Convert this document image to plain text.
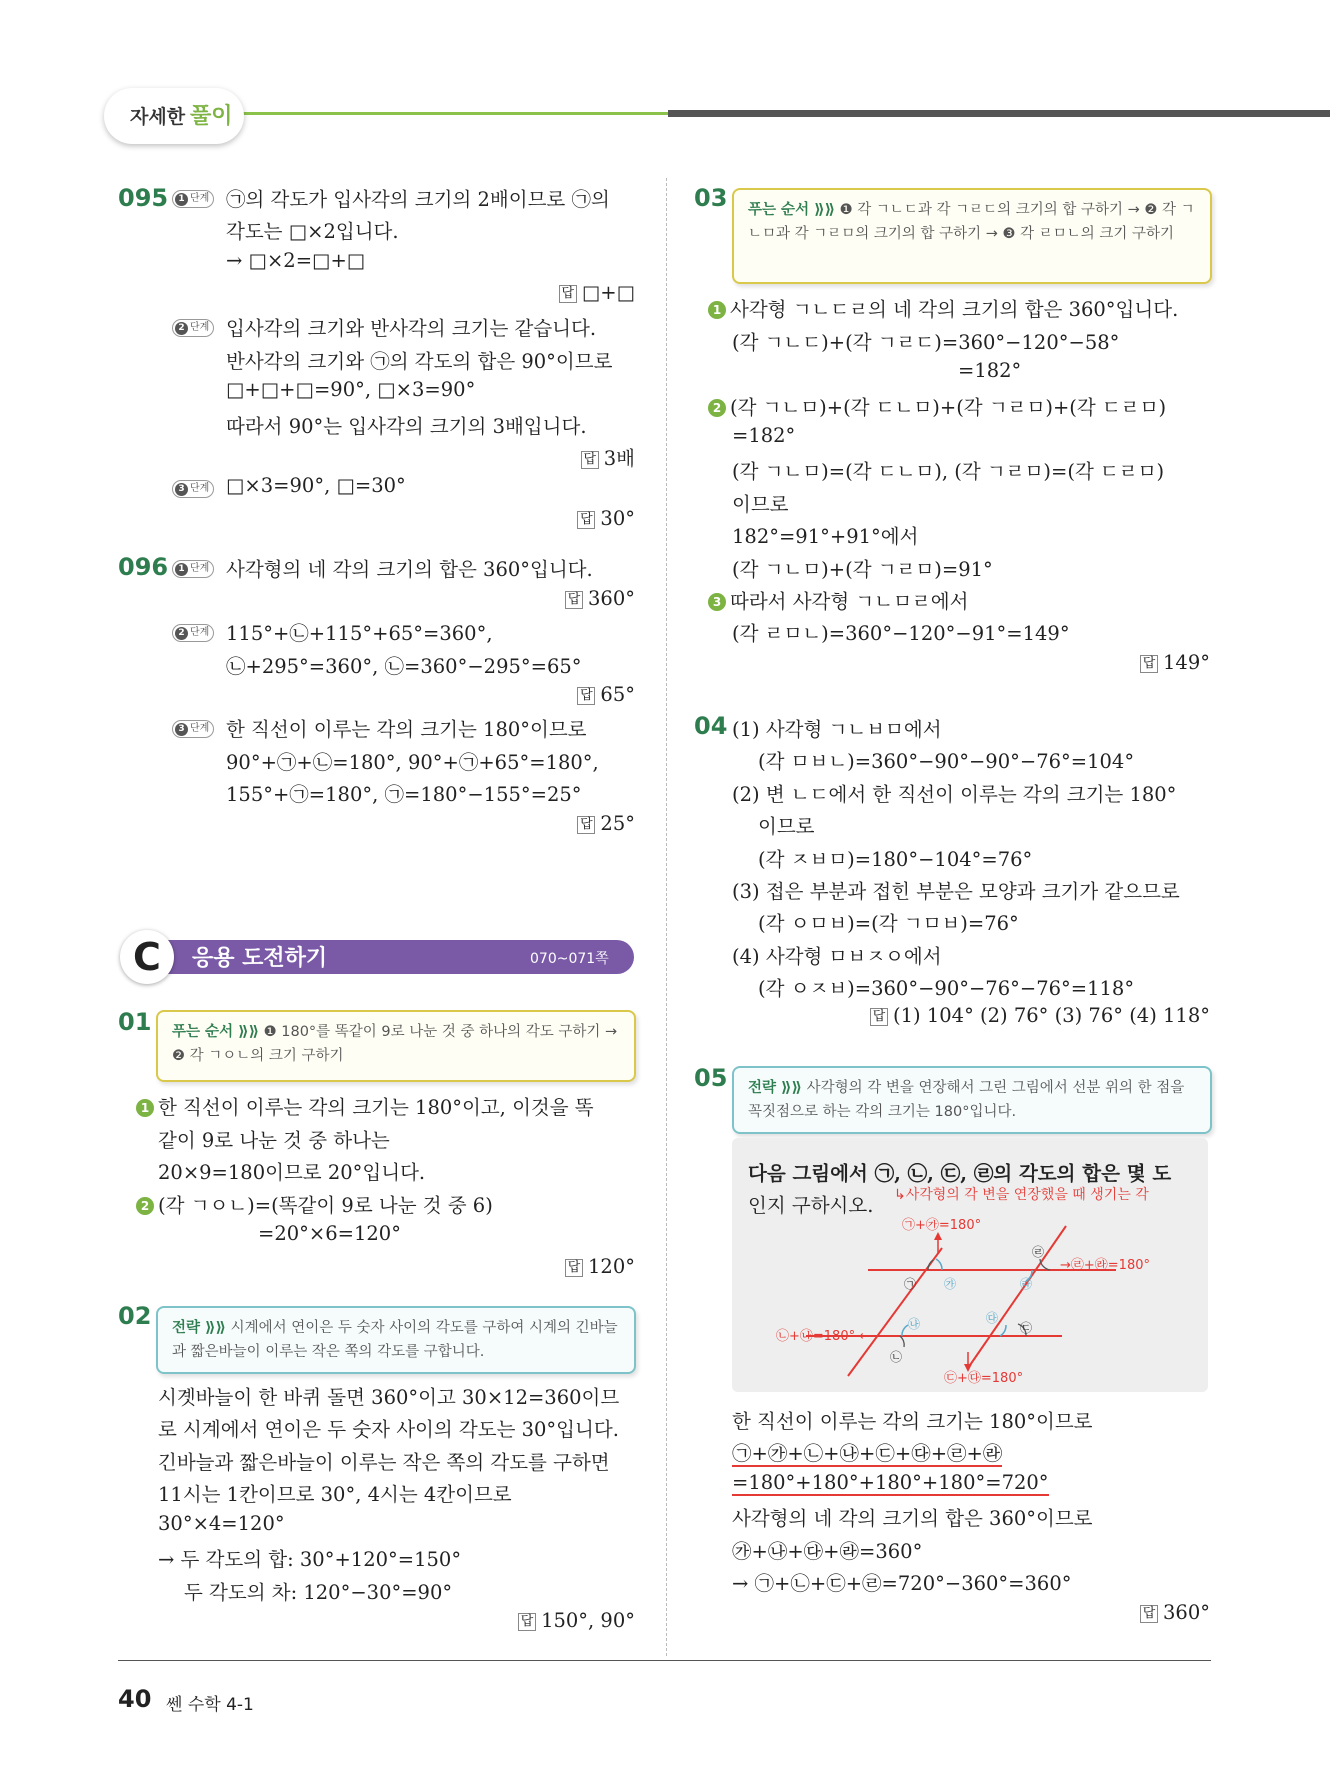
자세한 풀이
095	1 단계 ㉠의 각도가 입사각의 크기의 2배이므로 ㉠의
각도는 □×2입니다.
→ □×2=□+□
답 □+□
2 단계 입사각의 크기와 반사각의 크기는 같습니다.
반사각의 크기와 ㉠의 각도의 합은 90°이므로
□+□+□=90°, □×3=90°
따라서 90°는 입사각의 크기의 3배입니다.
답 3배
3 단계 □×3=90°, □=30°
답 30°
096	1 단계 사각형의 네 각의 크기의 합은 360°입니다.
답 360°
2 단계 115°+㉡+115°+65°=360°,
㉡+295°=360°, ㉡=360°−295°=65°
답 65°
3 단계 한 직선이 이루는 각의 크기는 180°이므로
90°+㉠+㉡=180°, 90°+㉠+65°=180°,
155°+㉠=180°, ㉠=180°−155°=25°
답 25°
C	응용 도전하기	070~071쪽
01 푸는 순서 ⟫⟫ ❶ 180°를 똑같이 9로 나눈 것 중 하나의 각도 구하기 → ❷ 각 ㄱㅇㄴ의 크기 구하기
1 한 직선이 이루는 각의 크기는 180°이고, 이것을 똑
같이 9로 나눈 것 중 하나는
20×9=180이므로 20°입니다.
2 (각 ㄱㅇㄴ)=(똑같이 9로 나눈 것 중 6)
=20°×6=120°
답 120°
02 전략 ⟫⟫ 시계에서 연이은 두 숫자 사이의 각도를 구하여 시계의 긴바늘과 짧은바늘이 이루는 작은 쪽의 각도를 구합니다.
시곗바늘이 한 바퀴 돌면 360°이고 30×12=360이므
로 시계에서 연이은 두 숫자 사이의 각도는 30°입니다.
긴바늘과 짧은바늘이 이루는 작은 쪽의 각도를 구하면
11시는 1칸이므로 30°, 4시는 4칸이므로
30°×4=120°
→ 두 각도의 합: 30°+120°=150°
두 각도의 차: 120°−30°=90°
답 150°, 90°
03 푸는 순서 ⟫⟫ ❶ 각 ㄱㄴㄷ과 각 ㄱㄹㄷ의 크기의 합 구하기 → ❷ 각 ㄱㄴㅁ과 각 ㄱㄹㅁ의 크기의 합 구하기 → ❸ 각 ㄹㅁㄴ의 크기 구하기
1 사각형 ㄱㄴㄷㄹ의 네 각의 크기의 합은 360°입니다.
(각 ㄱㄴㄷ)+(각 ㄱㄹㄷ)=360°−120°−58°
=182°
2 (각 ㄱㄴㅁ)+(각 ㄷㄴㅁ)+(각 ㄱㄹㅁ)+(각 ㄷㄹㅁ)
=182°
(각 ㄱㄴㅁ)=(각 ㄷㄴㅁ), (각 ㄱㄹㅁ)=(각 ㄷㄹㅁ)
이므로
182°=91°+91°에서
(각 ㄱㄴㅁ)+(각 ㄱㄹㅁ)=91°
3 따라서 사각형 ㄱㄴㅁㄹ에서
(각 ㄹㅁㄴ)=360°−120°−91°=149°
답 149°
04 (1) 사각형 ㄱㄴㅂㅁ에서
(각 ㅁㅂㄴ)=360°−90°−90°−76°=104°
(2) 변 ㄴㄷ에서 한 직선이 이루는 각의 크기는 180°
이므로
(각 ㅈㅂㅁ)=180°−104°=76°
(3) 접은 부분과 접힌 부분은 모양과 크기가 같으므로
(각 ㅇㅁㅂ)=(각 ㄱㅁㅂ)=76°
(4) 사각형 ㅁㅂㅈㅇ에서
(각 ㅇㅈㅂ)=360°−90°−76°−76°=118°
답 (1) 104° (2) 76° (3) 76° (4) 118°
05 전략 ⟫⟫ 사각형의 각 변을 연장해서 그린 그림에서 선분 위의 한 점을 꼭짓점으로 하는 각의 크기는 180°입니다.
다음 그림에서 ㉠, ㉡, ㉢, ㉣의 각도의 합은 몇 도
인지 구하시오. ↳사각형의 각 변을 연장했을 때 생기는 각
㉠+㉮=180°
→㉣+㉱=180°
㉡+㉯=180° ←
㉢+㉰=180°
㉠ ㉮
㉡
㉯	㉢
㉰
㉣
㉱
한 직선이 이루는 각의 크기는 180°이므로
㉠+㉮+㉡+㉯+㉢+㉰+㉣+㉱
=180°+180°+180°+180°=720°
사각형의 네 각의 크기의 합은 360°이므로
㉮+㉯+㉰+㉱=360°
→ ㉠+㉡+㉢+㉣=720°−360°=360°
답 360°
40 쎈 수학 4-1
